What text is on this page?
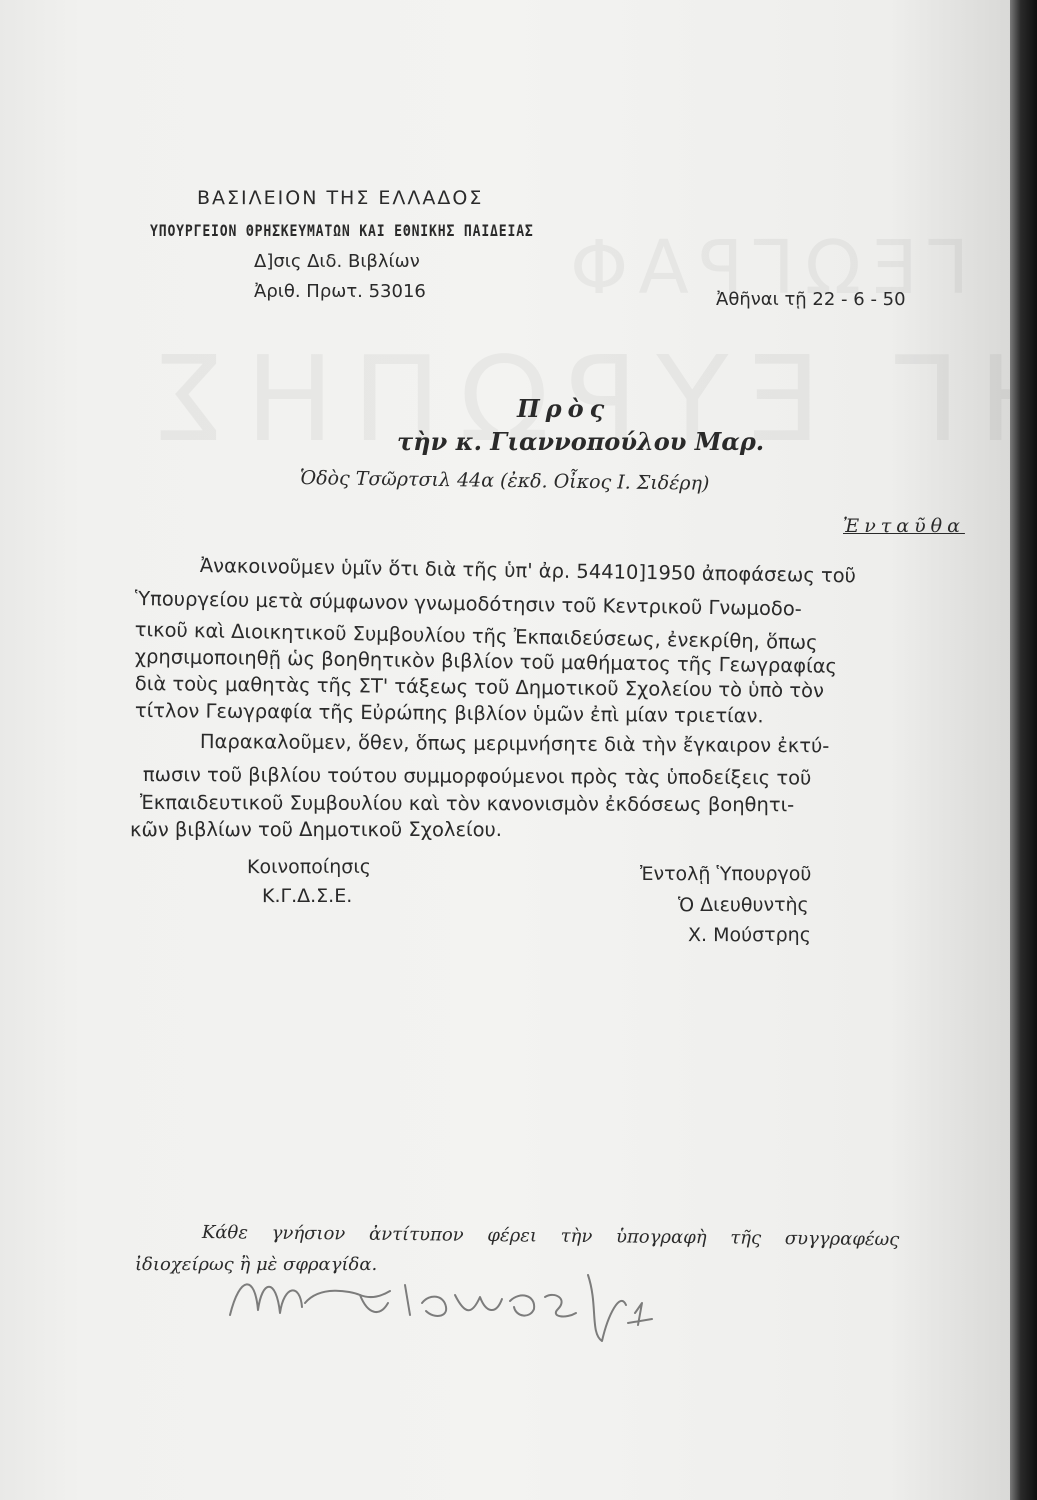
ΒΑΣΙΛΕΙΟΝ ΤΗΣ ΕΛΛΑΔΟΣ
ΥΠΟΥΡΓΕΙΟΝ ΘΡΗΣΚΕΥΜΑΤΩΝ ΚΑΙ ΕΘΝΙΚΗΣ ΠΑΙΔΕΙΑΣ
Δ]σις Διδ. Βιβλίων
Ἀριθ. Πρωτ. 53016	Ἀθῆναι τῇ 22 - 6 - 50
Πρὸς
τὴν κ. Γιαννοπούλου Μαρ.
Ὁδὸς Τσῶρτσιλ 44α (ἐκδ. Οἶκος Ι. Σιδέρη)
Ἐνταῦθα
Ἀνακοινοῦμεν ὑμῖν ὅτι διὰ τῆς ὑπ' ἀρ. 54410]1950 ἀποφάσεως τοῦ
Ὑπουργείου μετὰ σύμφωνον γνωμοδότησιν τοῦ Κεντρικοῦ Γνωμοδο-
τικοῦ καὶ Διοικητικοῦ Συμβουλίου τῆς Ἐκπαιδεύσεως, ἐνεκρίθη, ὅπως
χρησιμοποιηθῇ ὡς βοηθητικὸν βιβλίον τοῦ μαθήματος τῆς Γεωγραφίας
διὰ τοὺς μαθητὰς τῆς ΣΤ' τάξεως τοῦ Δημοτικοῦ Σχολείου τὸ ὑπὸ τὸν
τίτλον Γεωγραφία τῆς Εὐρώπης βιβλίον ὑμῶν ἐπὶ μίαν τριετίαν.
Παρακαλοῦμεν, ὅθεν, ὅπως μεριμνήσητε διὰ τὴν ἔγκαιρον ἐκτύ-
πωσιν τοῦ βιβλίου τούτου συμμορφούμενοι πρὸς τὰς ὑποδείξεις τοῦ
Ἐκπαιδευτικοῦ Συμβουλίου καὶ τὸν κανονισμὸν ἐκδόσεως βοηθητι-
κῶν βιβλίων τοῦ Δημοτικοῦ Σχολείου.
Κοινοποίησις
Κ.Γ.Δ.Σ.Ε.
Ἐντολῇ Ὑπουργοῦ
Ὁ Διευθυντὴς
Χ. Μούστρης
Κάθε γνήσιον ἀντίτυπον φέρει τὴν ὑπογραφὴ τῆς συγγραφέως
ἰδιοχείρως ἢ μὲ σφραγίδα.
